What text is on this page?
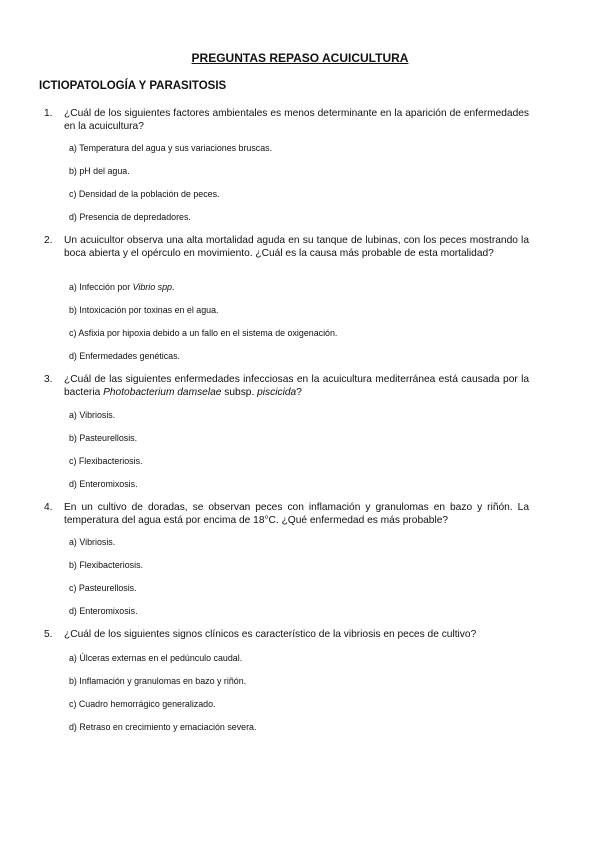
PREGUNTAS REPASO ACUICULTURA
ICTIOPATOLOGÍA Y PARASITOSIS
1.	¿Cuál de los siguientes factores ambientales es menos determinante en la aparición de enfermedades en la acuicultura?
a) Temperatura del agua y sus variaciones bruscas.
b) pH del agua.
c) Densidad de la población de peces.
d) Presencia de depredadores.
2.	Un acuicultor observa una alta mortalidad aguda en su tanque de lubinas, con los peces mostrando la boca abierta y el opérculo en movimiento. ¿Cuál es la causa más probable de esta mortalidad?
a) Infección por Vibrio spp.
b) Intoxicación por toxinas en el agua.
c) Asfixia por hipoxia debido a un fallo en el sistema de oxigenación.
d) Enfermedades genéticas.
3.	¿Cuál de las siguientes enfermedades infecciosas en la acuicultura mediterránea está causada por la bacteria Photobacterium damselae subsp. piscicida?
a) Vibriosis.
b) Pasteurellosis.
c) Flexibacteriosis.
d) Enteromixosis.
4.	En un cultivo de doradas, se observan peces con inflamación y granulomas en bazo y riñón. La temperatura del agua está por encima de 18°C. ¿Qué enfermedad es más probable?
a) Vibriosis.
b) Flexibacteriosis.
c) Pasteurellosis.
d) Enteromixosis.
5.	¿Cuál de los siguientes signos clínicos es característico de la vibriosis en peces de cultivo?
a) Úlceras externas en el pedúnculo caudal.
b) Inflamación y granulomas en bazo y riñón.
c) Cuadro hemorrágico generalizado.
d) Retraso en crecimiento y emaciación severa.
